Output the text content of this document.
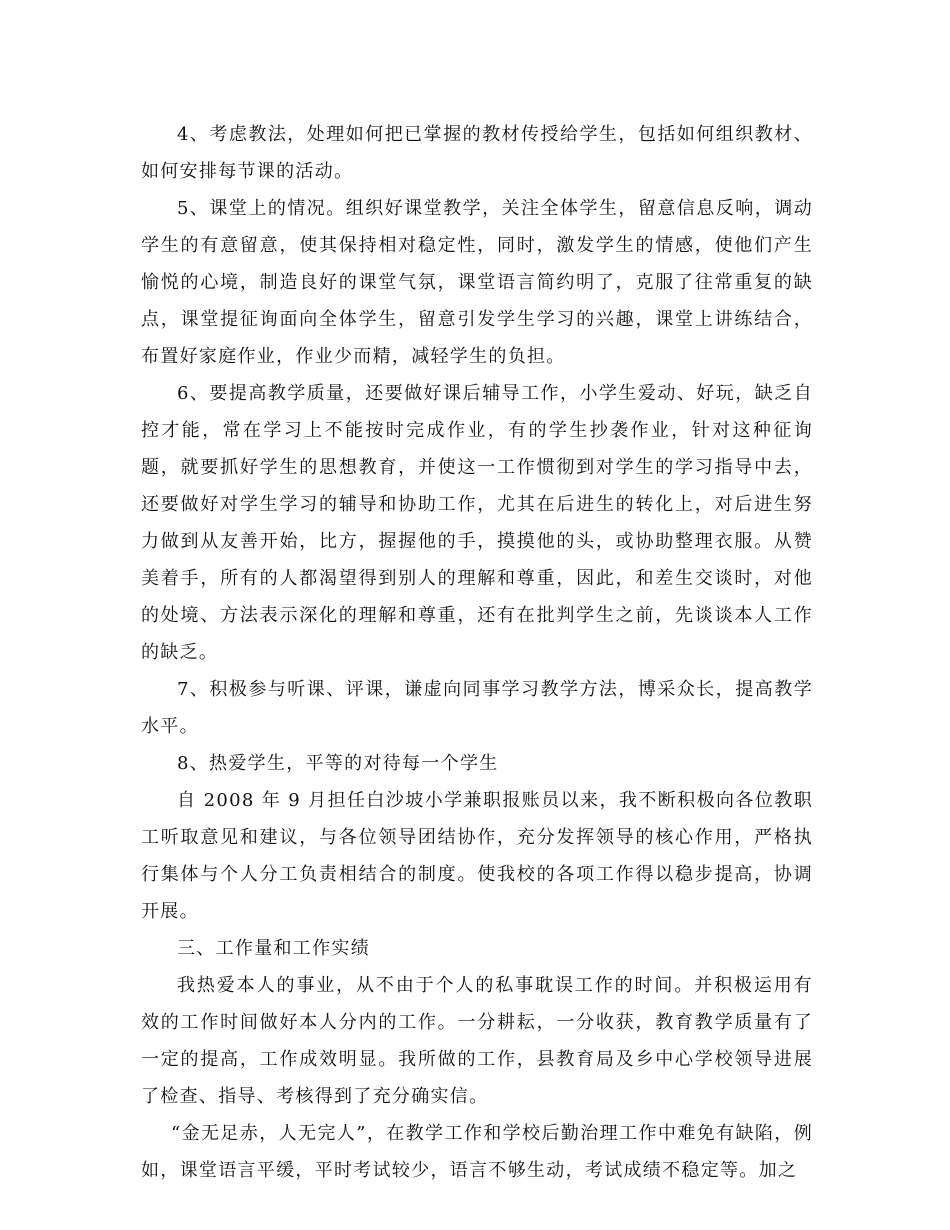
4、考虑教法，处理如何把已掌握的教材传授给学生，包括如何组织教材、如何安排每节课的活动。

5、课堂上的情况。组织好课堂教学，关注全体学生，留意信息反响，调动学生的有意留意，使其保持相对稳定性，同时，激发学生的情感，使他们产生愉悦的心境，制造良好的课堂气氛，课堂语言简约明了，克服了往常重复的缺点，课堂提征询面向全体学生，留意引发学生学习的兴趣，课堂上讲练结合，布置好家庭作业，作业少而精，减轻学生的负担。

6、要提高教学质量，还要做好课后辅导工作，小学生爱动、好玩，缺乏自控才能，常在学习上不能按时完成作业，有的学生抄袭作业，针对这种征询题，就要抓好学生的思想教育，并使这一工作惯彻到对学生的学习指导中去，还要做好对学生学习的辅导和协助工作，尤其在后进生的转化上，对后进生努力做到从友善开始，比方，握握他的手，摸摸他的头，或协助整理衣服。从赞美着手，所有的人都渴望得到别人的理解和尊重，因此，和差生交谈时，对他的处境、方法表示深化的理解和尊重，还有在批判学生之前，先谈谈本人工作的缺乏。

7、积极参与听课、评课，谦虚向同事学习教学方法，博采众长，提高教学水平。

8、热爱学生，平等的对待每一个学生

自 2008 年 9 月担任白沙坡小学兼职报账员以来，我不断积极向各位教职工听取意见和建议，与各位领导团结协作，充分发挥领导的核心作用，严格执行集体与个人分工负责相结合的制度。使我校的各项工作得以稳步提高，协调开展。

三、工作量和工作实绩

我热爱本人的事业，从不由于个人的私事耽误工作的时间。并积极运用有效的工作时间做好本人分内的工作。一分耕耘，一分收获，教育教学质量有了一定的提高，工作成效明显。我所做的工作，县教育局及乡中心学校领导进展了检查、指导、考核得到了充分确实信。

“金无足赤，人无完人”，在教学工作和学校后勤治理工作中难免有缺陷，例如，课堂语言平缓，平时考试较少，语言不够生动，考试成绩不稳定等。加之
